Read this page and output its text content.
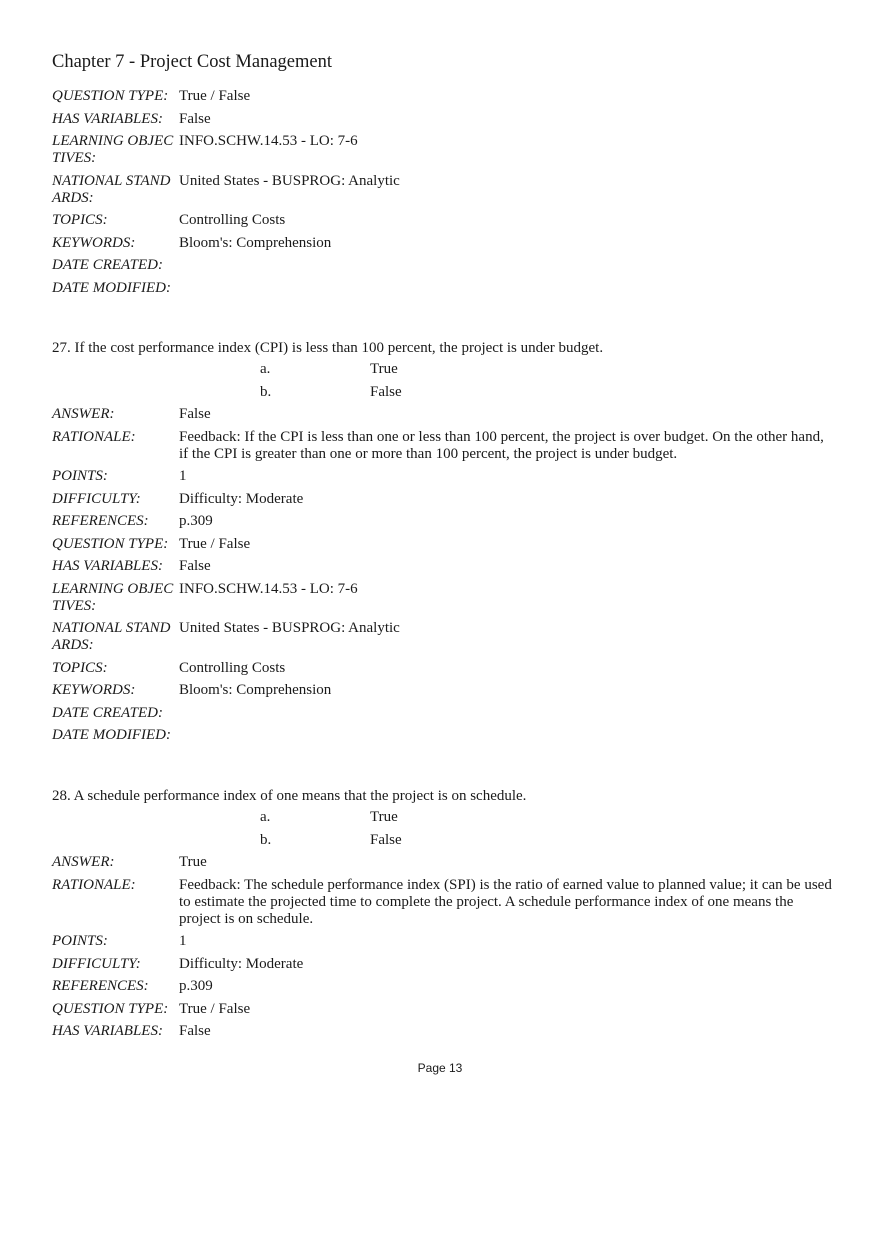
Chapter 7 - Project Cost Management
QUESTION TYPE: True / False
HAS VARIABLES:	False
LEARNING OBJECTIVES:
INFO.SCHW.14.53 - LO: 7-6
NATIONAL STANDARDS:
United States - BUSPROG: Analytic
TOPICS:	Controlling Costs
KEYWORDS:	Bloom's: Comprehension
DATE CREATED:
DATE MODIFIED:
27. If the cost performance index (CPI) is less than 100 percent, the project is under budget.
a.	True
b.	False
ANSWER:	False
RATIONALE:	Feedback: If the CPI is less than one or less than 100 percent, the project is over budget. On the other hand, if the CPI is greater than one or more than 100 percent, the project is under budget.
POINTS:	1
DIFFICULTY:	Difficulty: Moderate
REFERENCES:	p.309
QUESTION TYPE: True / False
HAS VARIABLES:	False
LEARNING OBJECTIVES:
INFO.SCHW.14.53 - LO: 7-6
NATIONAL STANDARDS:
United States - BUSPROG: Analytic
TOPICS:	Controlling Costs
KEYWORDS:	Bloom's: Comprehension
DATE CREATED:
DATE MODIFIED:
28. A schedule performance index of one means that the project is on schedule.
a.	True
b.	False
ANSWER:	True
RATIONALE:	Feedback: The schedule performance index (SPI) is the ratio of earned value to planned value; it can be used to estimate the projected time to complete the project. A schedule performance index of one means the project is on schedule.
POINTS:	1
DIFFICULTY:	Difficulty: Moderate
REFERENCES:	p.309
QUESTION TYPE: True / False
HAS VARIABLES:	False
Page 13
